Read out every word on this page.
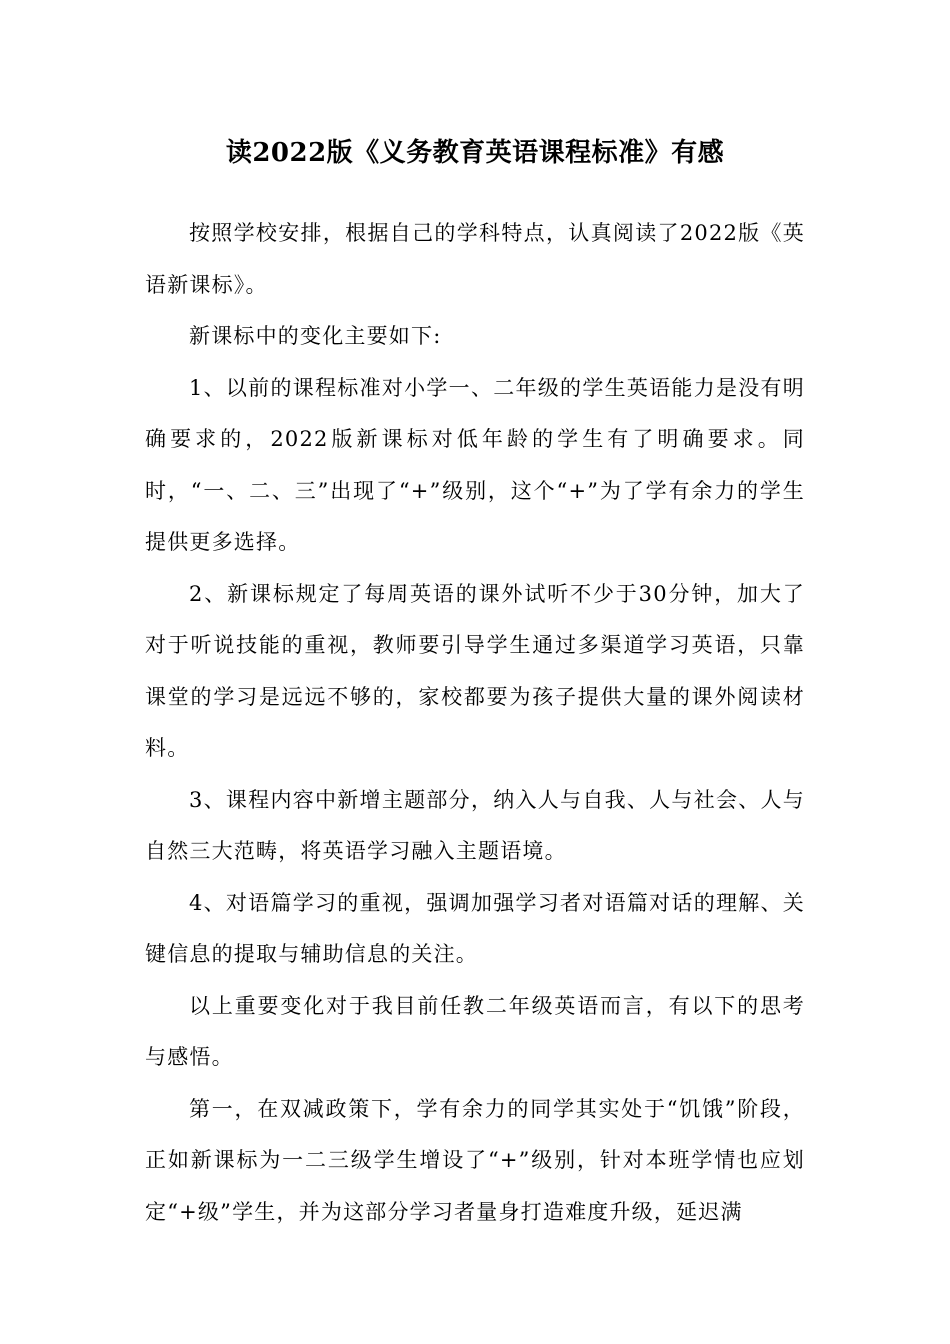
读2022版《义务教育英语课程标准》有感

按照学校安排，根据自己的学科特点，认真阅读了2022版《英语新课标》。

新课标中的变化主要如下:

1、以前的课程标准对小学一、二年级的学生英语能力是没有明确要求的，2022版新课标对低年龄的学生有了明确要求。同时，“一、二、三”出现了“+”级别，这个“+”为了学有余力的学生提供更多选择。

2、新课标规定了每周英语的课外试听不少于30分钟，加大了对于听说技能的重视，教师要引导学生通过多渠道学习英语，只靠课堂的学习是远远不够的，家校都要为孩子提供大量的课外阅读材料。

3、课程内容中新增主题部分，纳入人与自我、人与社会、人与自然三大范畴，将英语学习融入主题语境。

4、对语篇学习的重视，强调加强学习者对语篇对话的理解、关键信息的提取与辅助信息的关注。

以上重要变化对于我目前任教二年级英语而言，有以下的思考与感悟。

第一，在双减政策下，学有余力的同学其实处于“饥饿”阶段，正如新课标为一二三级学生增设了“+”级别，针对本班学情也应划定“+级”学生，并为这部分学习者量身打造难度升级，延迟满
